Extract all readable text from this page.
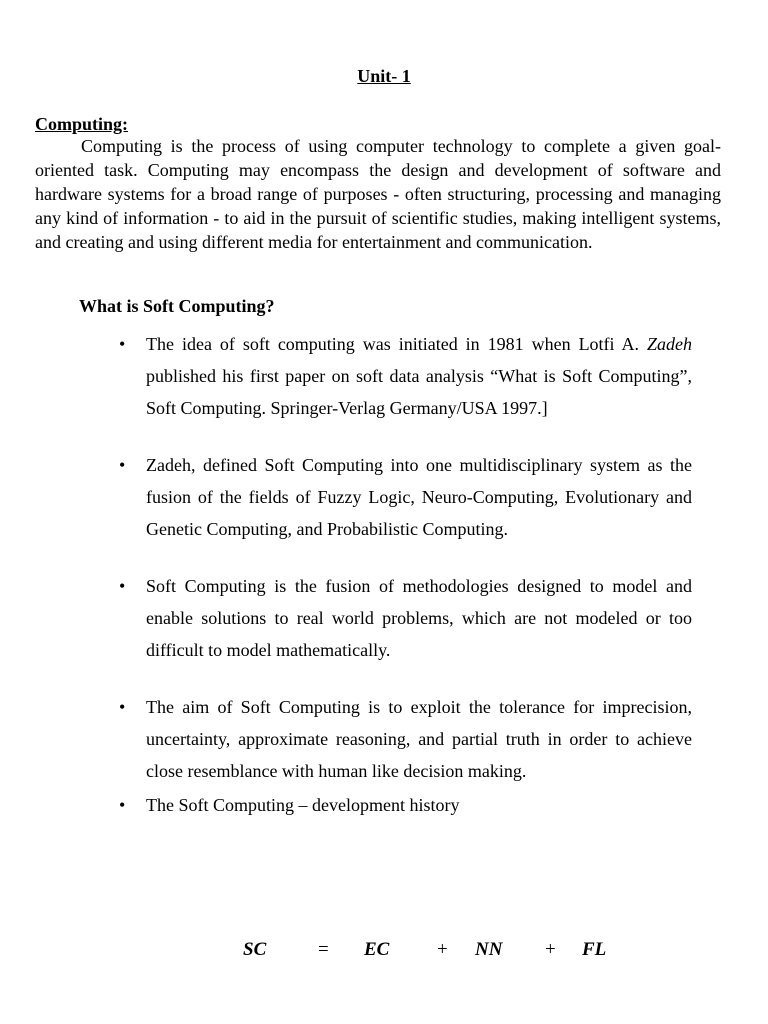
Unit- 1
Computing:

Computing is the process of using computer technology to complete a given goal-oriented task. Computing may encompass the design and development of software and hardware systems for a broad range of purposes - often structuring, processing and managing any kind of information - to aid in the pursuit of scientific studies, making intelligent systems, and creating and using different media for entertainment and communication.

What is Soft Computing?
• The idea of soft computing was initiated in 1981 when Lotfi A. Zadeh published his first paper on soft data analysis “What is Soft Computing”, Soft Computing. Springer-Verlag Germany/USA 1997.]
• Zadeh, defined Soft Computing into one multidisciplinary system as the fusion of the fields of Fuzzy Logic, Neuro-Computing, Evolutionary and Genetic Computing, and Probabilistic Computing.
• Soft Computing is the fusion of methodologies designed to model and enable solutions to real world problems, which are not modeled or too difficult to model mathematically.
• The aim of Soft Computing is to exploit the tolerance for imprecision, uncertainty, approximate reasoning, and partial truth in order to achieve close resemblance with human like decision making.
• The Soft Computing – development history
SC	= EC	+ NN + FL
